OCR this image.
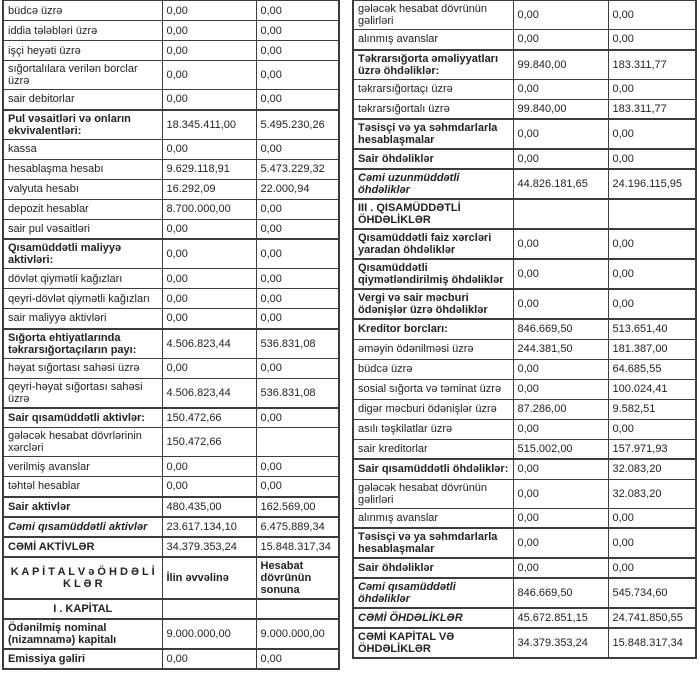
büdcə üzrə	0,00	0,00
iddia tələbləri üzrə	0,00	0,00
işçi heyəti üzrə	0,00	0,00
sığortalılara verilən borclar üzrə	0,00	0,00
sair debitorlar	0,00	0,00
Pul vəsaitləri və onların ekvivalentləri:	18.345.411,00	5.495.230,26
kassa	0,00	0,00
hesablaşma hesabı	9.629.118,91	5.473.229,32
valyuta hesabı	16.292,09	22.000,94
depozit hesablar	8.700.000,00	0,00
sair pul vəsaitləri	0,00	0,00
Qısamüddətli maliyyə aktivləri:	0,00	0,00
dövlət qiymətli kağızları	0,00	0,00
qeyri-dövlət qiymətli kağızları	0,00	0,00
sair maliyyə aktivləri	0,00	0,00
Sığorta ehtiyatlarında təkrarsığortaçıların payı:	4.506.823,44	536.831,08
həyat sığortası sahəsi üzrə	0,00	0,00
qeyri-həyat sığortası sahəsi üzrə	4.506.823,44	536.831,08
Sair qısamüddətli aktivlər:	150.472,66	0,00
gələcək hesabat dövrlərinin xərcləri	150.472,66	
verilmiş avanslar	0,00	0,00
təhtəl hesablar	0,00	0,00
Sair aktivlər	480.435,00	162.569,00
Cəmi qısamüddətli aktivlər	23.617.134,10	6.475.889,34
CƏMİ AKTİVLƏR	34.379.353,24	15.848.317,34
K A P İ T A L V ə Ö H D Ə L İ K L Ə R	İlin əvvəlinə	Hesabat dövrünün sonuna
I . KAPİTAL		
Ödənilmiş nominal (nizamnamə) kapitalı	9.000.000,00	9.000.000,00
Emissiya gəliri	0,00	0,00
gələcək hesabat dövrünün gəlirləri	0,00	0,00
alınmış avanslar	0,00	0,00
Təkrarsığorta əməliyyatları üzrə öhdəliklər:	99.840,00	183.311,77
təkrarsığortaçı üzrə	0,00	0,00
təkrarsığortalı üzrə	99.840,00	183.311,77
Təsisçi və ya səhmdarlarla hesablaşmalar	0,00	0,00
Sair öhdəliklər	0,00	0,00
Cəmi uzunmüddətli öhdəliklər	44.826.181,65	24.196.115,95
III . QISAMÜDDƏTLİ ÖHDƏLİKLƏR		
Qısamüddətli faiz xərcləri yaradan öhdəliklər	0,00	0,00
Qısamüddətli qiymətləndirilmiş öhdəliklər	0,00	0,00
Vergi və sair məcburi ödənişlər üzrə öhdəliklər	0,00	0,00
Kreditor borcları:	846.669,50	513.651,40
əməyin ödənilməsi üzrə	244.381,50	181.387,00
büdcə üzrə	0,00	64.685,55
sosial sığorta və təminat üzrə	0,00	100.024,41
digər məcburi ödənişlər üzrə	87.286,00	9.582,51
asılı təşkilatlar üzrə	0,00	0,00
sair kreditorlar	515.002,00	157.971,93
Sair qısamüddətli öhdəliklər:	0,00	32.083,20
gələcək hesabat dövrünün gəlirləri	0,00	32.083,20
alınmış avanslar	0,00	0,00
Təsisçi və ya səhmdarlarla hesablaşmalar	0,00	0,00
Sair öhdəliklər	0,00	0,00
Cəmi qısamüddətli öhdəliklər	846.669,50	545.734,60
CƏMİ ÖHDƏLİKLƏR	45.672.851,15	24.741.850,55
CƏMİ KAPİTAL VƏ ÖHDƏLİKLƏR	34.379.353,24	15.848.317,34
